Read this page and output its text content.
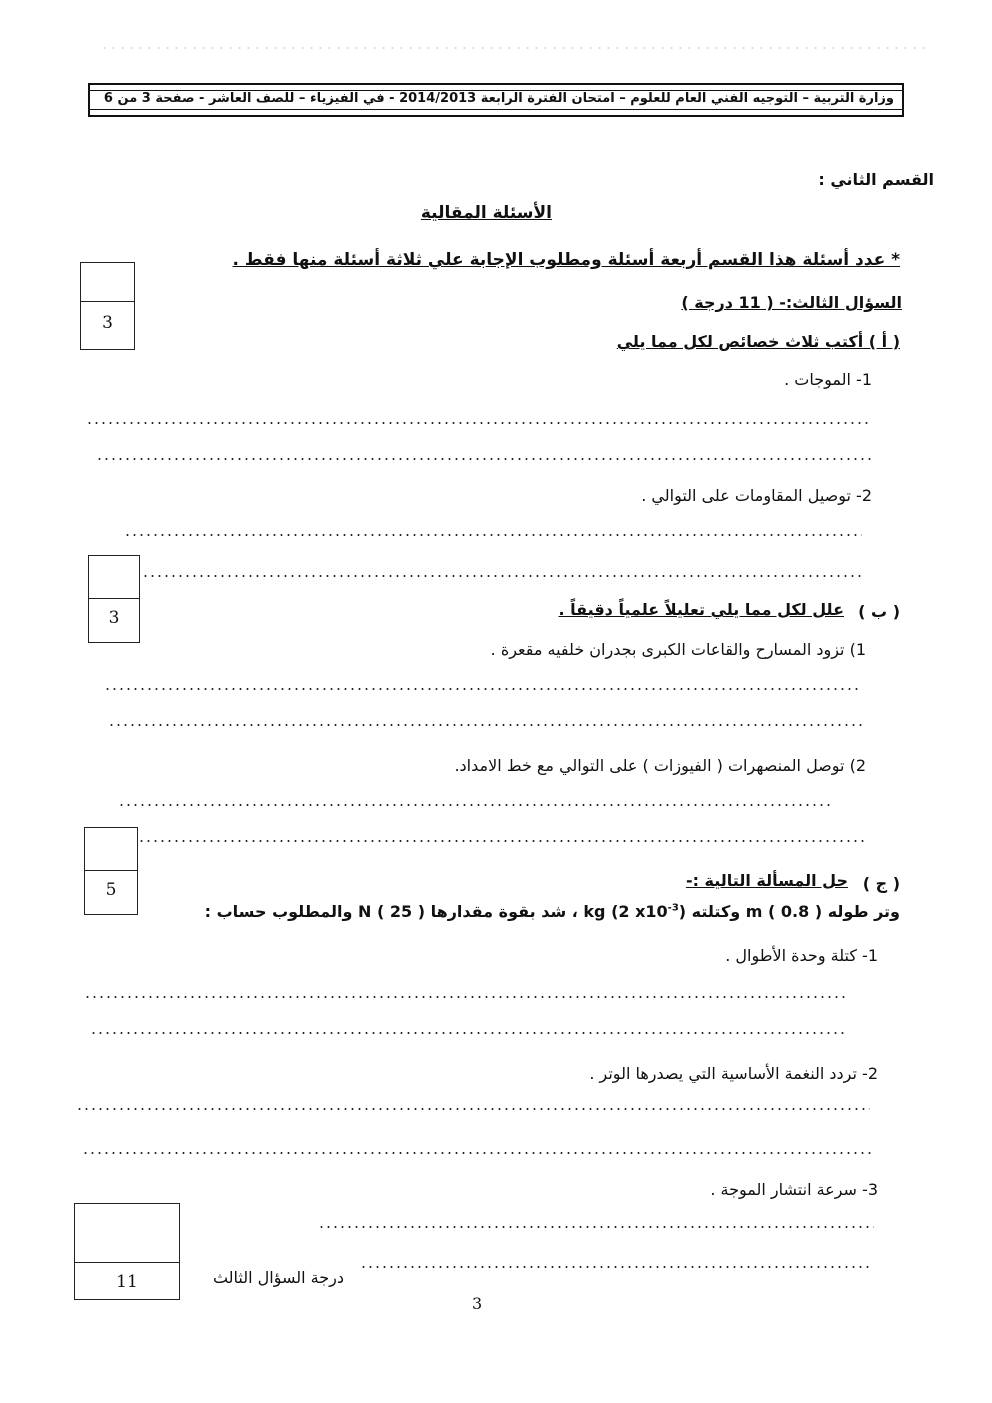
وزارة التربية – التوجيه الفني العام للعلوم – امتحان الفترة الرابعة 2014/2013 - في الفيزياء – للصف العاشر - صفحة 3 من 6
القسم الثاني :
الأسئلة المقالية
* عدد أسئلة هذا القسم أربعة أسئلة ومطلوب الإجابة علي ثلاثة أسئلة منها فقط .
3
السؤال الثالث:- ( 11 درجة )
( أ ) أكتب ثلاث خصائص لكل مما يلي
1- الموجات .
2- توصيل المقاومات على التوالي .
3	( ب )
علل لكل مما يلي تعليلاً علمياً دقيقاً .
1) تزود المسارح والقاعات الكبرى بجدران خلفيه مقعرة .
2) توصل المنصهرات ( الفيوزات ) على التوالي مع خط الامداد.
5	( ج )
حل المسألة التالية :-
وتر طوله m ( 0.8 ) وكتلته kg (2 $x10^{-3}$) ، شد بقوة مقدارها N ( 25 ) والمطلوب حساب :
1- كتلة وحدة الأطوال .
2- تردد النغمة الأساسية التي يصدرها الوتر .
3- سرعة انتشار الموجة .
11	درجة السؤال الثالث
3
